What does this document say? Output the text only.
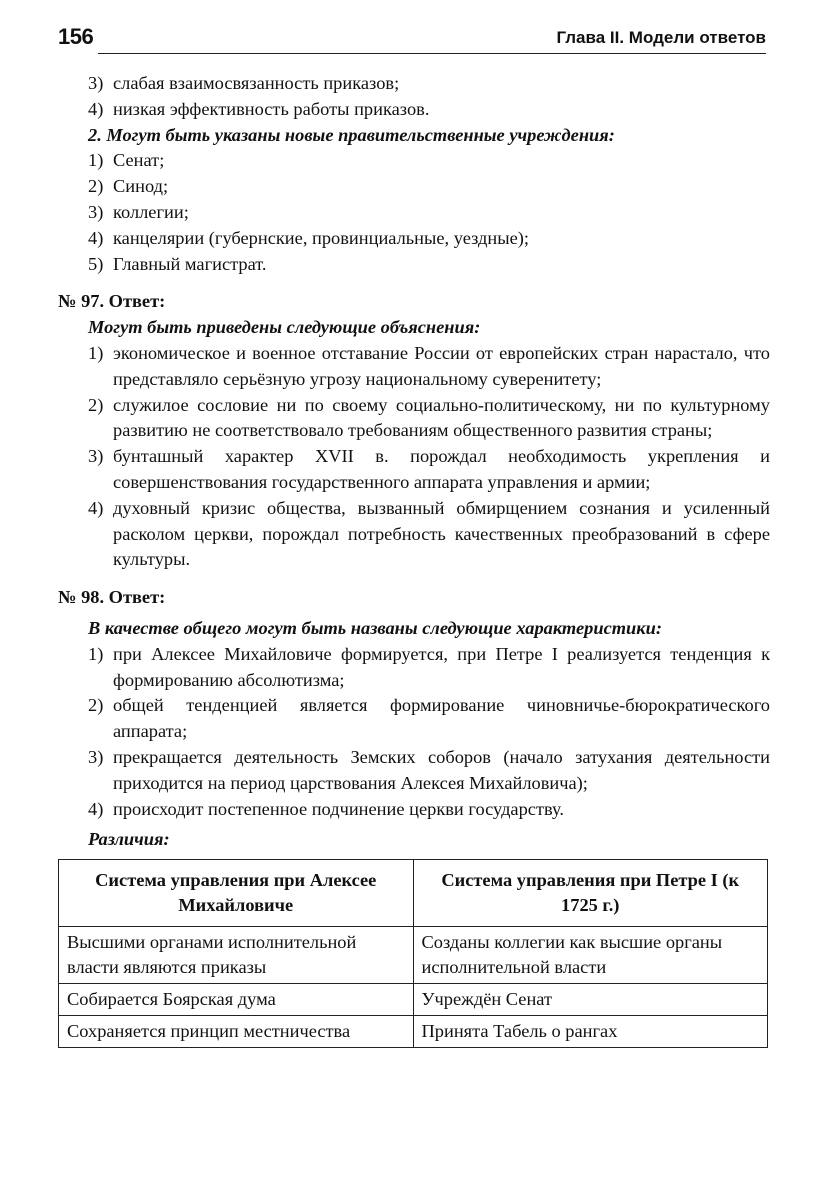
156	Глава II. Модели ответов
3) слабая взаимосвязанность приказов;
4) низкая эффективность работы приказов.
2. Могут быть указаны новые правительственные учреждения:
1) Сенат;
2) Синод;
3) коллегии;
4) канцелярии (губернские, провинциальные, уездные);
5) Главный магистрат.
№ 97. Ответ:
Могут быть приведены следующие объяснения:
1) экономическое и военное отставание России от европейских стран нарастало, что представляло серьёзную угрозу национальному суверенитету;
2) служилое сословие ни по своему социально-политическому, ни по культурному развитию не соответствовало требованиям общественного развития страны;
3) бунташный характер XVII в. порождал необходимость укрепления и совершенствования государственного аппарата управления и армии;
4) духовный кризис общества, вызванный обмирщением сознания и усиленный расколом церкви, порождал потребность качественных преобразований в сфере культуры.
№ 98. Ответ:
В качестве общего могут быть названы следующие характеристики:
1) при Алексее Михайловиче формируется, при Петре I реализуется тенденция к формированию абсолютизма;
2) общей тенденцией является формирование чиновничье-бюрократического аппарата;
3) прекращается деятельность Земских соборов (начало затухания деятельности приходится на период царствования Алексея Михайловича);
4) происходит постепенное подчинение церкви государству.
Различия:
Система управления при Алексее Михайловиче	Система управления при Петре I (к 1725 г.)
Высшими органами исполнительной власти являются приказы	Созданы коллегии как высшие органы исполнительной власти
Собирается Боярская дума	Учреждён Сенат
Сохраняется принцип местничества	Принята Табель о рангах
